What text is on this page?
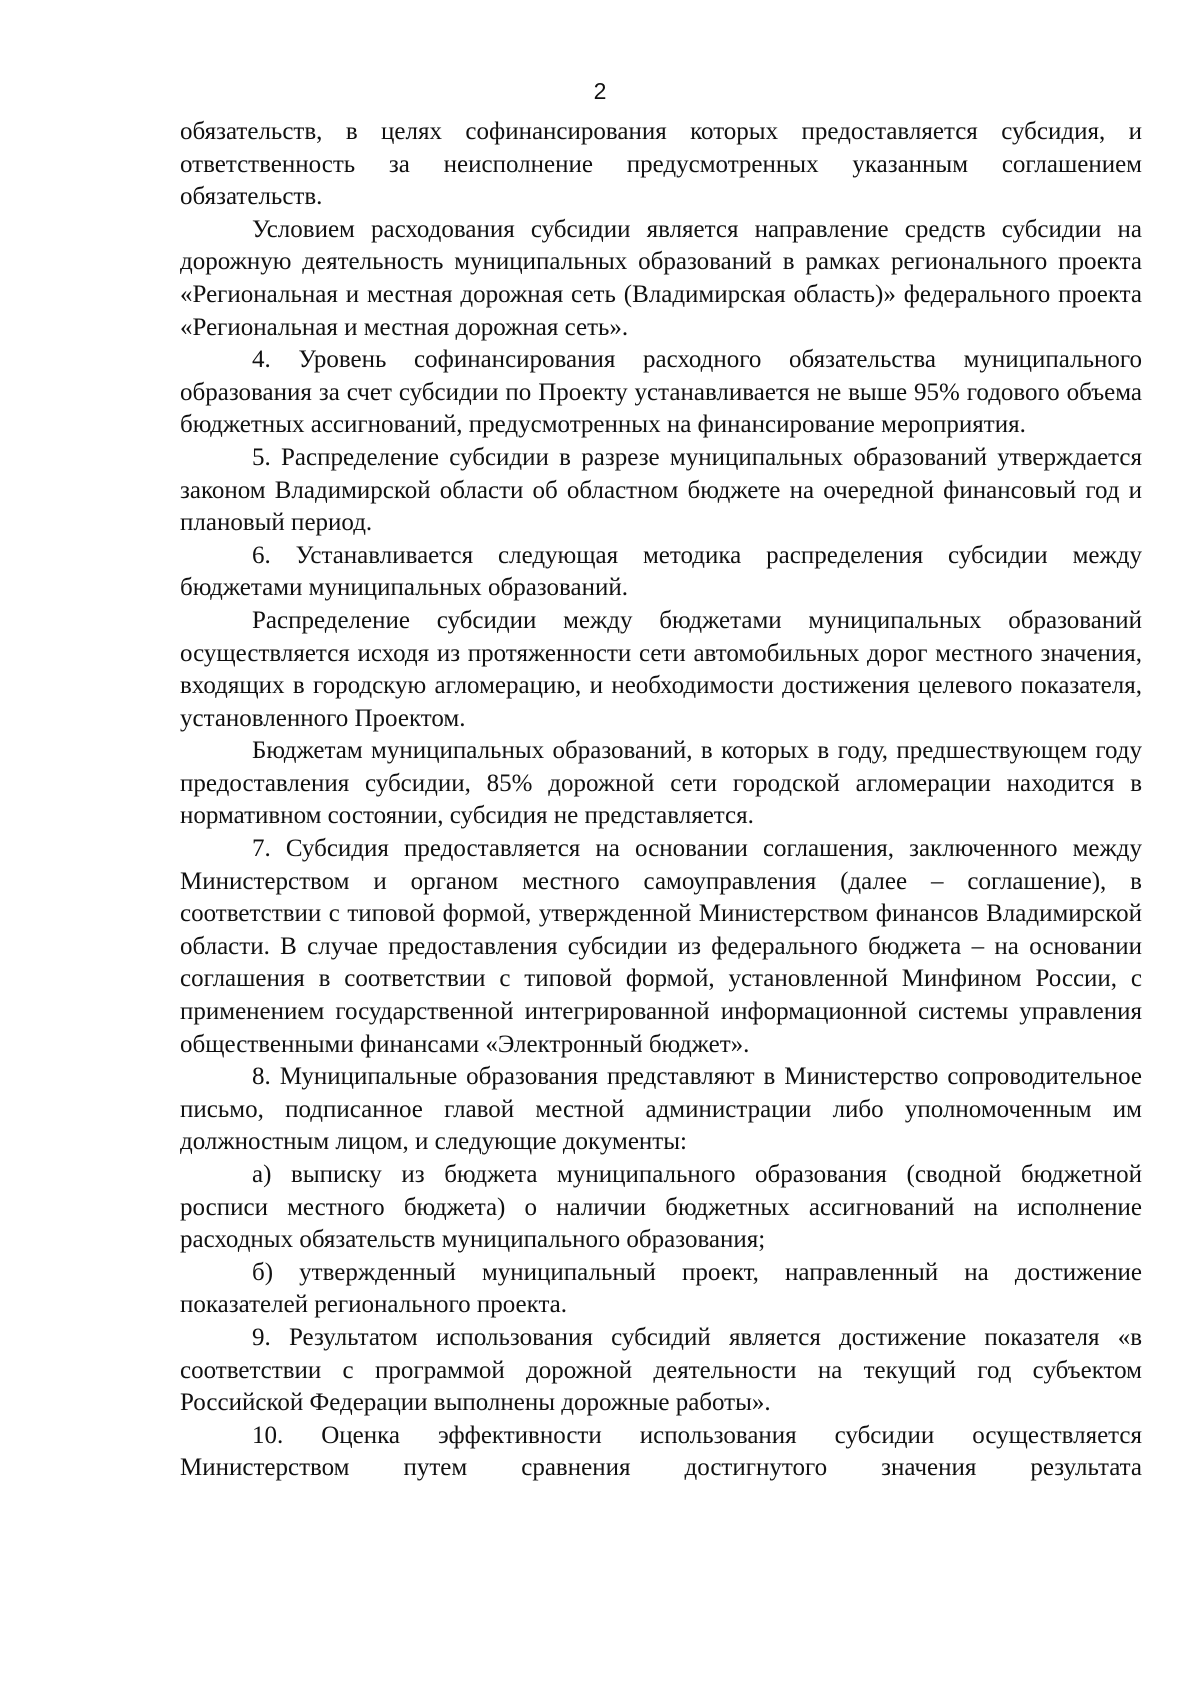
2

обязательств, в целях софинансирования которых предоставляется субсидия, и ответственность за неисполнение предусмотренных указанным соглашением обязательств.

Условием расходования субсидии является направление средств субсидии на дорожную деятельность муниципальных образований в рамках регионального проекта «Региональная и местная дорожная сеть (Владимирская область)» федерального проекта «Региональная и местная дорожная сеть».

4. Уровень софинансирования расходного обязательства муниципального образования за счет субсидии по Проекту устанавливается не выше 95% годового объема бюджетных ассигнований, предусмотренных на финансирование мероприятия.

5. Распределение субсидии в разрезе муниципальных образований утверждается законом Владимирской области об областном бюджете на очередной финансовый год и плановый период.

6. Устанавливается следующая методика распределения субсидии между бюджетами муниципальных образований.

Распределение субсидии между бюджетами муниципальных образований осуществляется исходя из протяженности сети автомобильных дорог местного значения, входящих в городскую агломерацию, и необходимости достижения целевого показателя, установленного Проектом.

Бюджетам муниципальных образований, в которых в году, предшествующем году предоставления субсидии, 85% дорожной сети городской агломерации находится в нормативном состоянии, субсидия не представляется.

7. Субсидия предоставляется на основании соглашения, заключенного между Министерством и органом местного самоуправления (далее – соглашение), в соответствии с типовой формой, утвержденной Министерством финансов Владимирской области. В случае предоставления субсидии из федерального бюджета – на основании соглашения в соответствии с типовой формой, установленной Минфином России, с применением государственной интегрированной информационной системы управления общественными финансами «Электронный бюджет».

8. Муниципальные образования представляют в Министерство сопроводительное письмо, подписанное главой местной администрации либо уполномоченным им должностным лицом, и следующие документы:

а) выписку из бюджета муниципального образования (сводной бюджетной росписи местного бюджета) о наличии бюджетных ассигнований на исполнение расходных обязательств муниципального образования;

б) утвержденный муниципальный проект, направленный на достижение показателей регионального проекта.

9. Результатом использования субсидий является достижение показателя «в соответствии с программой дорожной деятельности на текущий год субъектом Российской Федерации выполнены дорожные работы».

10. Оценка эффективности использования субсидии осуществляется Министерством путем сравнения достигнутого значения результата
